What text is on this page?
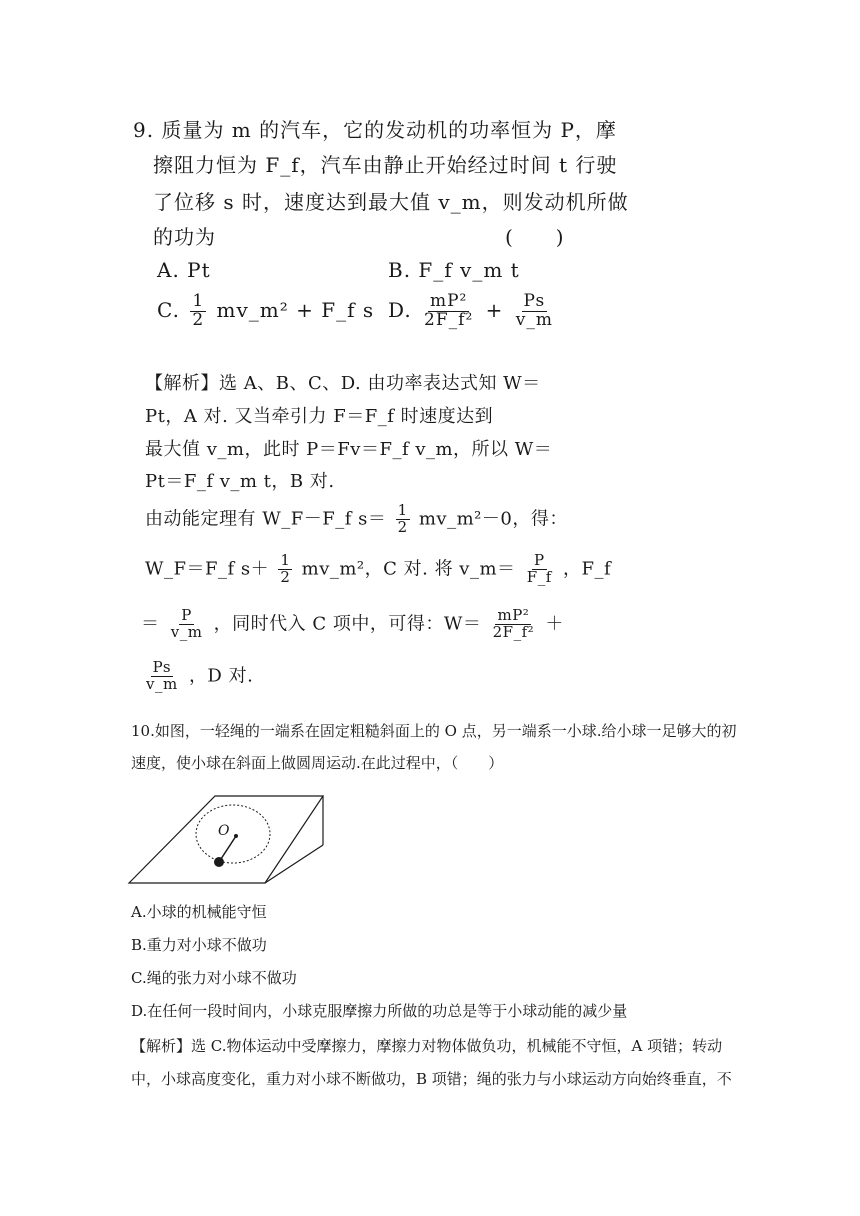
9. 质量为 m 的汽车，它的发动机的功率恒为 P，摩
擦阻力恒为 F_f，汽车由静止开始经过时间 t 行驶
了位移 s 时，速度达到最大值 v_m，则发动机所做
的功为	(　　)
A. Pt	B. F_f v_m t
C. $\frac{1}{2}$ mv_m² + F_f s D. $\frac{\text{mP²}}{\text{2F\_f²}} + \frac{Ps}{v\_m}$
【解析】选 A、B、C、D. 由功率表达式知 W＝
Pt，A 对. 又当牵引力 F＝F_f 时速度达到
最大值 v_m，此时 P＝Fv＝F_f v_m，所以 W＝
Pt＝F_f v_m t，B 对.
由动能定理有 W_F－F_f $s= \frac{1}{2}$ mv_m²－0，得：
W_F＝F_f $s+ \frac{1}{2}$ mv_m²，C 对. 将 v_m＝ $\frac{P}{F\_f}$ ，F_f
＝ $\frac{P}{v\_m}$ ，同时代入 C 项中，可得：$W= \frac{\text{mP²}}{\text{2F\_f²}}$ ＋
$\frac{Ps}{v\_m}$ ，D 对.
10.如图，一轻绳的一端系在固定粗糙斜面上的 O 点，另一端系一小球.给小球一足够大的初
速度，使小球在斜面上做圆周运动.在此过程中，（　　）
O
A.小球的机械能守恒
B.重力对小球不做功
C.绳的张力对小球不做功
D.在任何一段时间内，小球克服摩擦力所做的功总是等于小球动能的减少量
【解析】选 C.物体运动中受摩擦力，摩擦力对物体做负功，机械能不守恒，A 项错；转动
中，小球高度变化，重力对小球不断做功，B 项错；绳的张力与小球运动方向始终垂直，不
